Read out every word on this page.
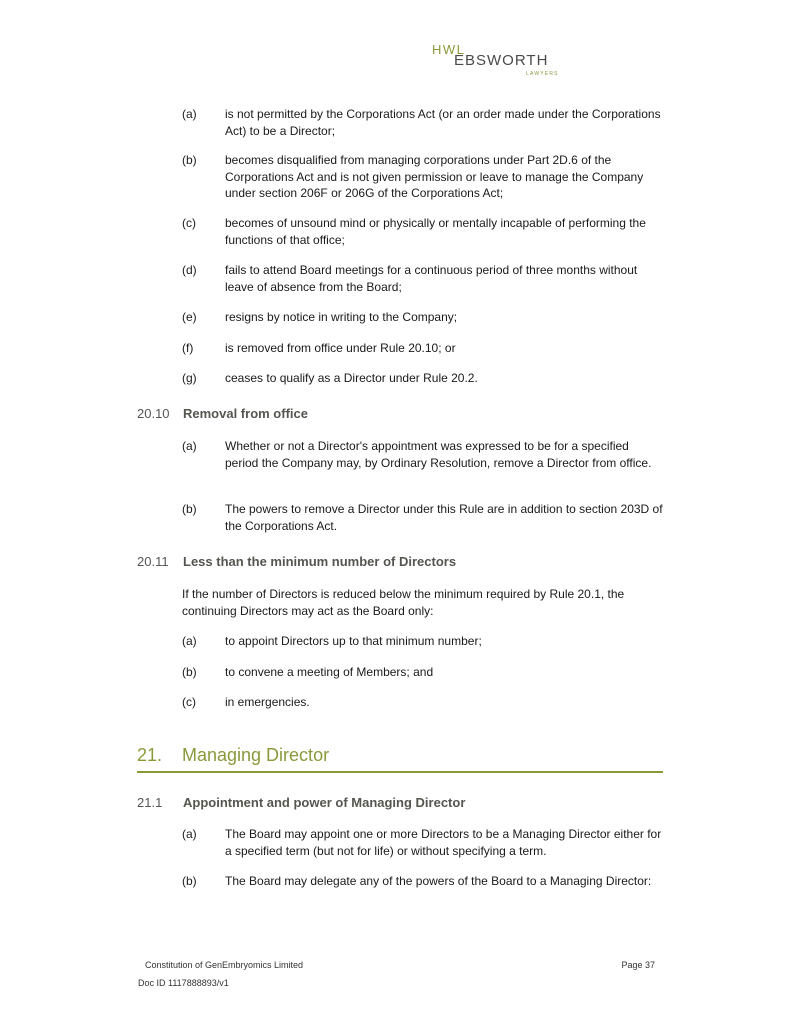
HWL
EBSWORTH
LAWYERS
(a) is not permitted by the Corporations Act (or an order made under the Corporations Act) to be a Director;
(b) becomes disqualified from managing corporations under Part 2D.6 of the Corporations Act and is not given permission or leave to manage the Company under section 206F or 206G of the Corporations Act;
(c) becomes of unsound mind or physically or mentally incapable of performing the functions of that office;
(d) fails to attend Board meetings for a continuous period of three months without leave of absence from the Board;
(e) resigns by notice in writing to the Company;
(f)	is removed from office under Rule 20.10; or
(g) ceases to qualify as a Director under Rule 20.2.
20.10 Removal from office
(a) Whether or not a Director's appointment was expressed to be for a specified period the Company may, by Ordinary Resolution, remove a Director from office.
(b) The powers to remove a Director under this Rule are in addition to section 203D of the Corporations Act.
20.11 Less than the minimum number of Directors
If the number of Directors is reduced below the minimum required by Rule 20.1, the continuing Directors may act as the Board only:
(a) to appoint Directors up to that minimum number;
(b) to convene a meeting of Members; and
(c) in emergencies.
21. Managing Director
21.1 Appointment and power of Managing Director
(a) The Board may appoint one or more Directors to be a Managing Director either for a specified term (but not for life) or without specifying a term.
(b) The Board may delegate any of the powers of the Board to a Managing Director:
Constitution of GenEmbryomics Limited	Page 37
Doc ID 1117888893/v1
